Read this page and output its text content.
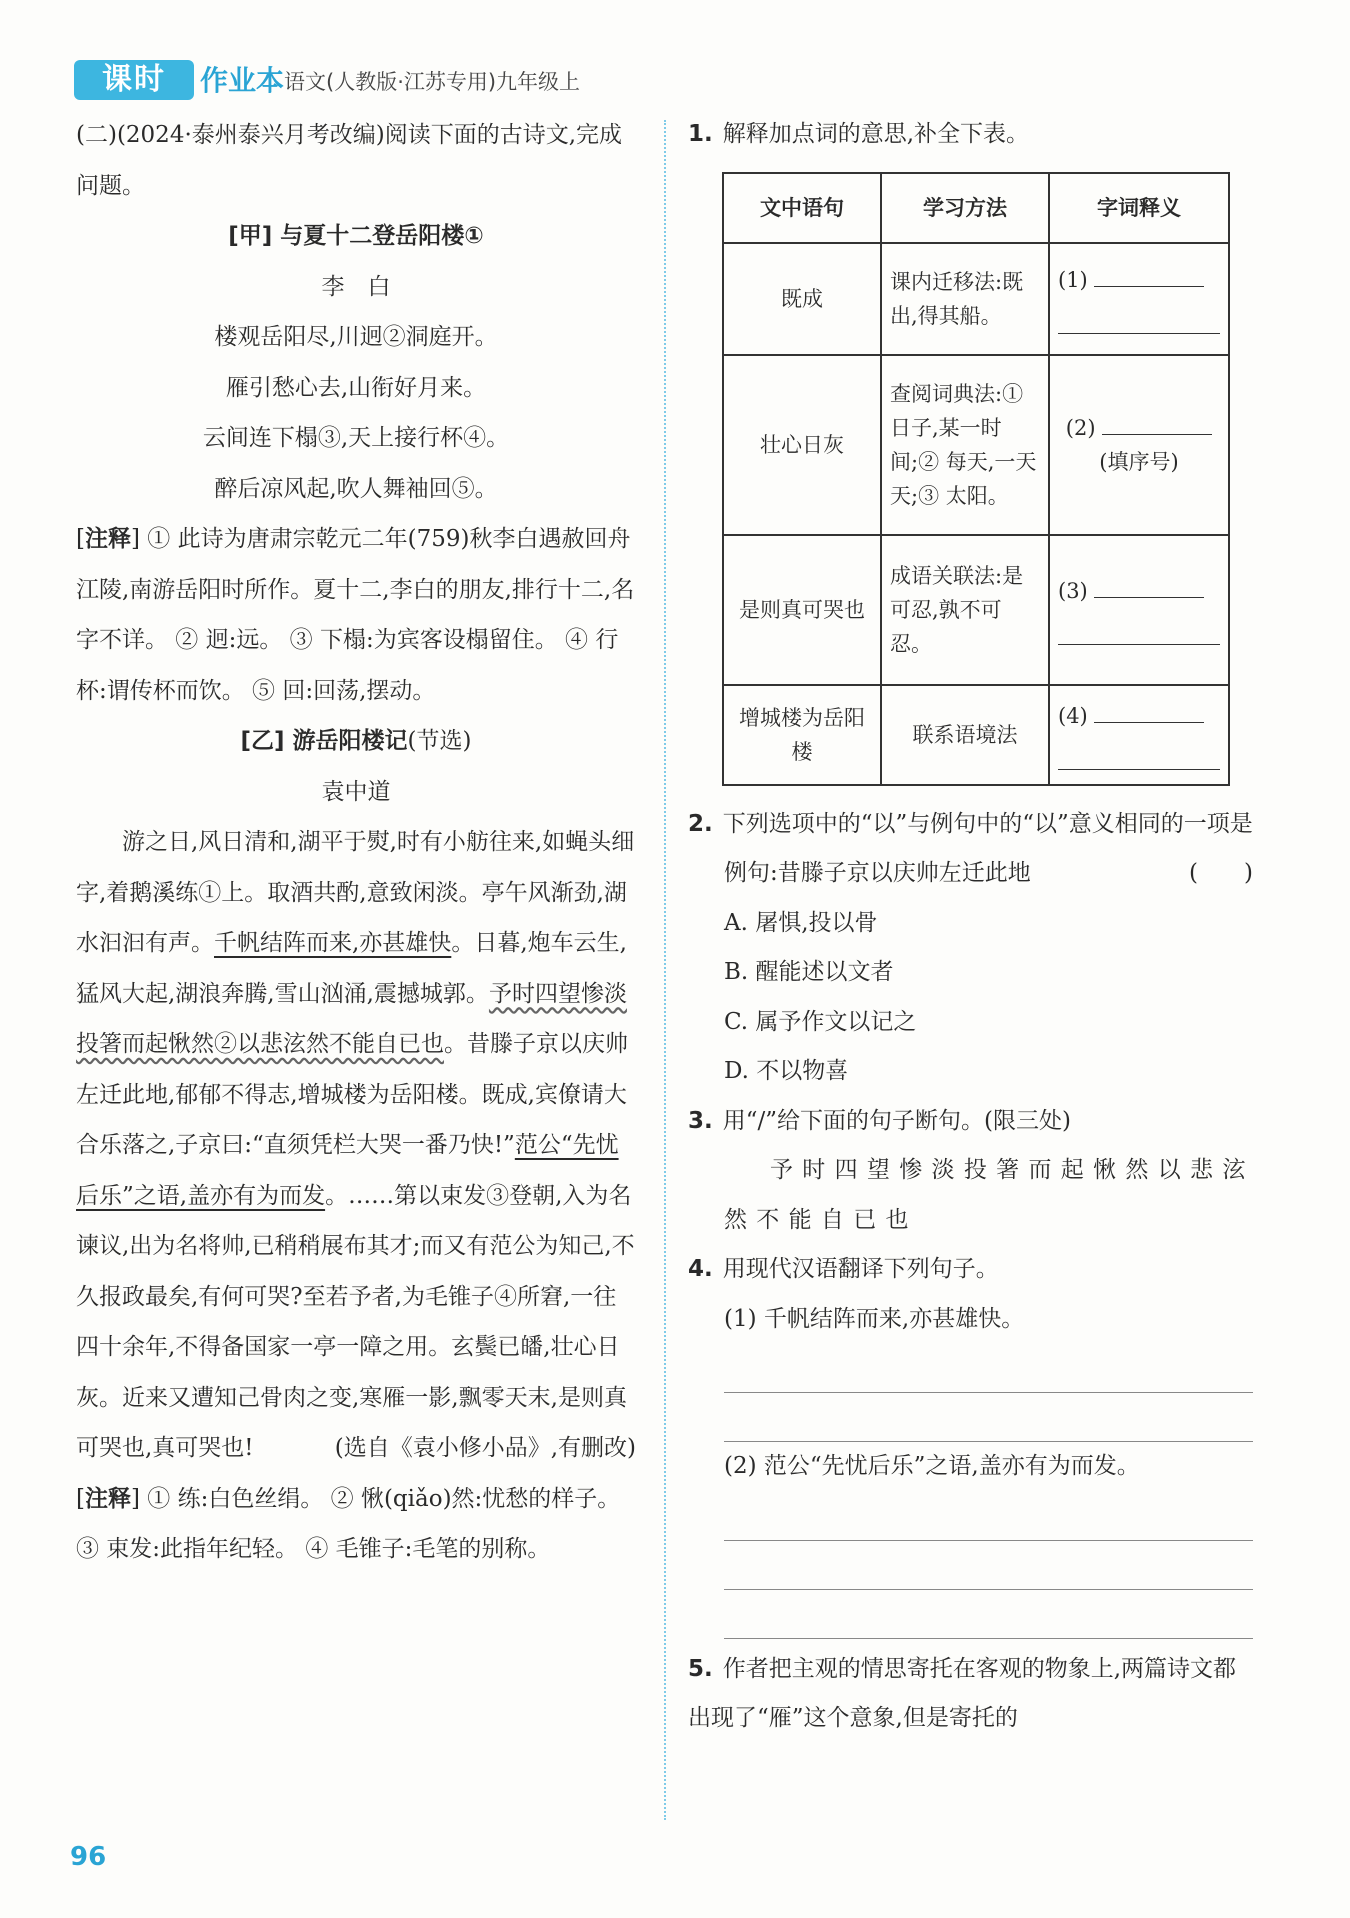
课时	作业本 语文(人教版·江苏专用)九年级上

(二)(2024·泰州泰兴月考改编)阅读下面的古诗文,完成问题。

[甲] 与夏十二登岳阳楼①

李　白

楼观岳阳尽,川迥②洞庭开。

雁引愁心去,山衔好月来。

云间连下榻③,天上接行杯④。

醉后凉风起,吹人舞袖回⑤。

[注释] ① 此诗为唐肃宗乾元二年(759)秋李白遇赦回舟江陵,南游岳阳时所作。夏十二,李白的朋友,排行十二,名字不详。 ② 迥:远。 ③ 下榻:为宾客设榻留住。 ④ 行杯:谓传杯而饮。 ⑤ 回:回荡,摆动。

[乙] 游岳阳楼记(节选)

袁中道

游之日,风日清和,湖平于熨,时有小舫往来,如蝇头细字,着鹅溪练①上。取酒共酌,意致闲淡。亭午风渐劲,湖水汩汩有声。千帆结阵而来,亦甚雄快。日暮,炮车云生,猛风大起,湖浪奔腾,雪山汹涌,震撼城郭。予时四望惨淡投箸而起愀然②以悲泫然不能自已也。昔滕子京以庆帅左迁此地,郁郁不得志,增城楼为岳阳楼。既成,宾僚请大合乐落之,子京曰:“直须凭栏大哭一番乃快!”范公“先忧后乐”之语,盖亦有为而发。……第以束发③登朝,入为名谏议,出为名将帅,已稍稍展布其才;而又有范公为知己,不久报政最矣,有何可哭?至若予者,为毛锥子④所窘,一往四十余年,不得备国家一亭一障之用。玄鬓已皤,壮心日灰。近来又遭知己骨肉之变,寒雁一影,飘零天末,是则真可哭也,真可哭也!	(选自《袁小修小品》,有删改)

[注释] ① 练:白色丝绢。 ② 愀(qiǎo)然:忧愁的样子。 ③ 束发:此指年纪轻。 ④ 毛锥子:毛笔的别称。

1. 解释加点词的意思,补全下表。

文中语句	学习方法	字词释义
既成	课内迁移法:既出,得其船。	(1)

壮心日灰	查阅词典法:① 日子,某一时间;② 每天,一天天;③ 太阳。	(2)
(填序号)
是则真可哭也	成语关联法:是可忍,孰不可忍。	(3)

增城楼为岳阳楼	联系语境法	(4)

2. 下列选项中的“以”与例句中的“以”意义相同的一项是
(　　)

例句:昔滕子京以庆帅左迁此地

A. 屠惧,投以骨

B. 醒能述以文者

C. 属予作文以记之

D. 不以物喜

3. 用“/”给下面的句子断句。(限三处)

予 时 四 望 惨 淡 投 箸 而 起 愀 然 以 悲 泫 然 不 能 自 已 也

4. 用现代汉语翻译下列句子。

(1) 千帆结阵而来,亦甚雄快。

(2) 范公“先忧后乐”之语,盖亦有为而发。

5. 作者把主观的情思寄托在客观的物象上,两篇诗文都出现了“雁”这个意象,但是寄托的

96
